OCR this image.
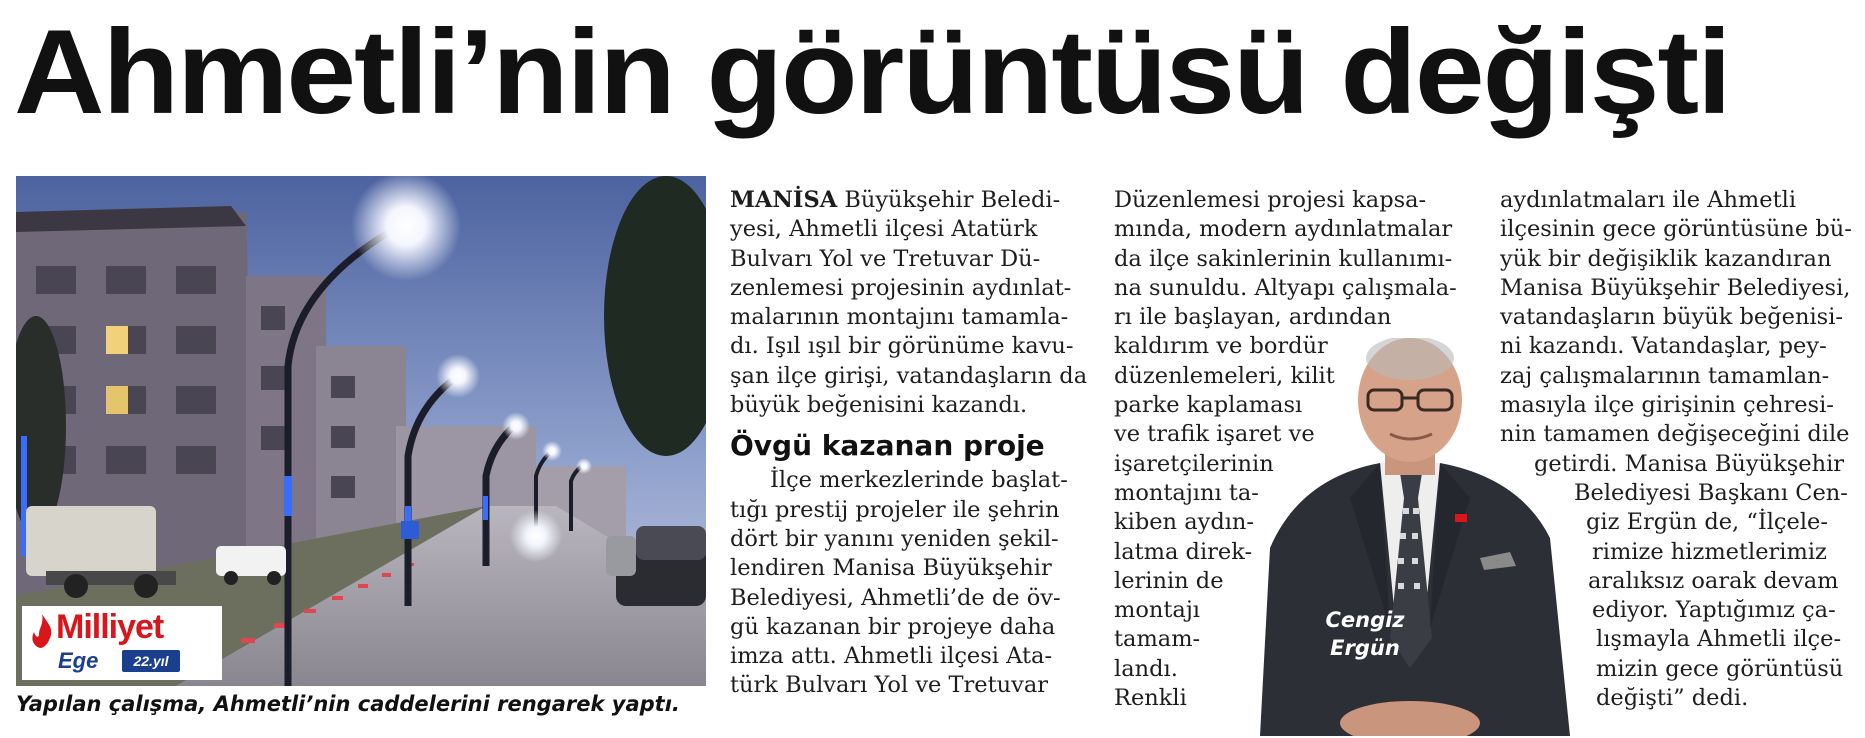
Ahmetli’nin görüntüsü değişti
Milliyet
Ege	22.yıl
Yapılan çalışma, Ahmetli’nin caddelerini rengarek yaptı.
MANİSA Büyükşehir Beledi-
yesi, Ahmetli ilçesi Atatürk
Bulvarı Yol ve Tretuvar Dü-
zenlemesi projesinin aydınlat-
malarının montajını tamamla-
dı. Işıl ışıl bir görünüme kavu-
şan ilçe girişi, vatandaşların da
büyük beğenisini kazandı.
Övgü kazanan proje
İlçe merkezlerinde başlat-
tığı prestij projeler ile şehrin
dört bir yanını yeniden şekil-
lendiren Manisa Büyükşehir
Belediyesi, Ahmetli’de de öv-
gü kazanan bir projeye daha
imza attı. Ahmetli ilçesi Ata-
türk Bulvarı Yol ve Tretuvar
Düzenlemesi projesi kapsa-
mında, modern aydınlatmalar
da ilçe sakinlerinin kullanımı-
na sunuldu. Altyapı çalışmala-
rı ile başlayan, ardından
kaldırım ve bordür
düzenlemeleri, kilit
parke kaplaması
ve trafik işaret ve
işaretçilerinin
montajını ta-
kiben aydın-
latma direk-
lerinin de
montajı
tamam-
landı.
Renkli
aydınlatmaları ile Ahmetli
ilçesinin gece görüntüsüne bü-
yük bir değişiklik kazandıran
Manisa Büyükşehir Belediyesi,
vatandaşların büyük beğenisi-
ni kazandı. Vatandaşlar, pey-
zaj çalışmalarının tamamlan-
masıyla ilçe girişinin çehresi-
nin tamamen değişeceğini dile
getirdi. Manisa Büyükşehir
Belediyesi Başkanı Cen-
giz Ergün de, “İlçele-
rimize hizmetlerimiz
aralıksız oarak devam
ediyor. Yaptığımız ça-
lışmayla Ahmetli ilçe-
mizin gece görüntüsü
değişti” dedi.
Cengiz
Ergün
